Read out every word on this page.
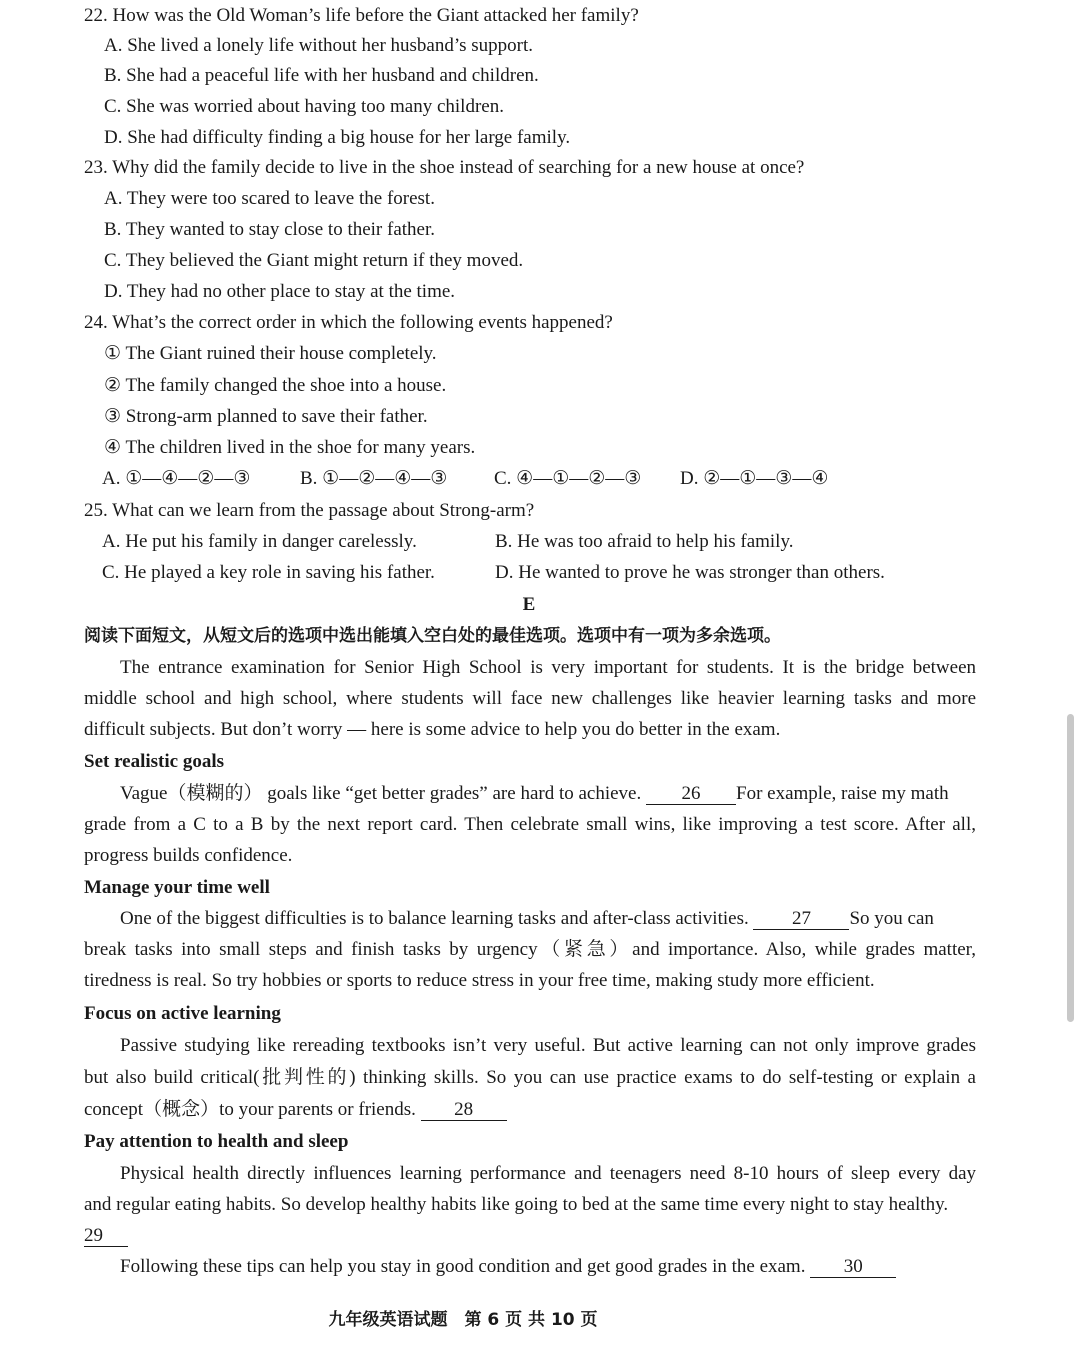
22. How was the Old Woman’s life before the Giant attacked her family?
A. She lived a lonely life without her husband’s support.
B. She had a peaceful life with her husband and children.
C. She was worried about having too many children.
D. She had difficulty finding a big house for her large family.
23. Why did the family decide to live in the shoe instead of searching for a new house at once?
A. They were too scared to leave the forest.
B. They wanted to stay close to their father.
C. They believed the Giant might return if they moved.
D. They had no other place to stay at the time.
24. What’s the correct order in which the following events happened?
① The Giant ruined their house completely.
② The family changed the shoe into a house.
③ Strong-arm planned to save their father.
④ The children lived in the shoe for many years.
A. ①—④—②—③	B. ①—②—④—③ C. ④—①—②—③ D. ②—①—③—④
25. What can we learn from the passage about Strong-arm?
A. He put his family in danger carelessly.	B. He was too afraid to help his family.
C. He played a key role in saving his father.	D. He wanted to prove he was stronger than others.
E
阅读下面短文，从短文后的选项中选出能填入空白处的最佳选项。选项中有一项为多余选项。
The entrance examination for Senior High School is very important for students. It is the bridge between
middle school and high school, where students will face new challenges like heavier learning tasks and more
difficult subjects. But don’t worry — here is some advice to help you do better in the exam.
Set realistic goals
Vague（模糊的） goals like “get better grades” are hard to achieve. 26 For example, raise my math
grade from a C to a B by the next report card. Then celebrate small wins, like improving a test score. After all,
progress builds confidence.
Manage your time well
One of the biggest difficulties is to balance learning tasks and after-class activities. 27 So you can
break tasks into small steps and finish tasks by urgency（紧急）and importance. Also, while grades matter,
tiredness is real. So try hobbies or sports to reduce stress in your free time, making study more efficient.
Focus on active learning
Passive studying like rereading textbooks isn’t very useful. But active learning can not only improve grades
but also build critical(批判性的) thinking skills. So you can use practice exams to do self-testing or explain a
concept（概念）to your parents or friends. 28
Pay attention to health and sleep
Physical health directly influences learning performance and teenagers need 8-10 hours of sleep every day
and regular eating habits. So develop healthy habits like going to bed at the same time every night to stay healthy.
29
Following these tips can help you stay in good condition and get good grades in the exam. 30
九年级英语试题　第 6 页 共 10 页
